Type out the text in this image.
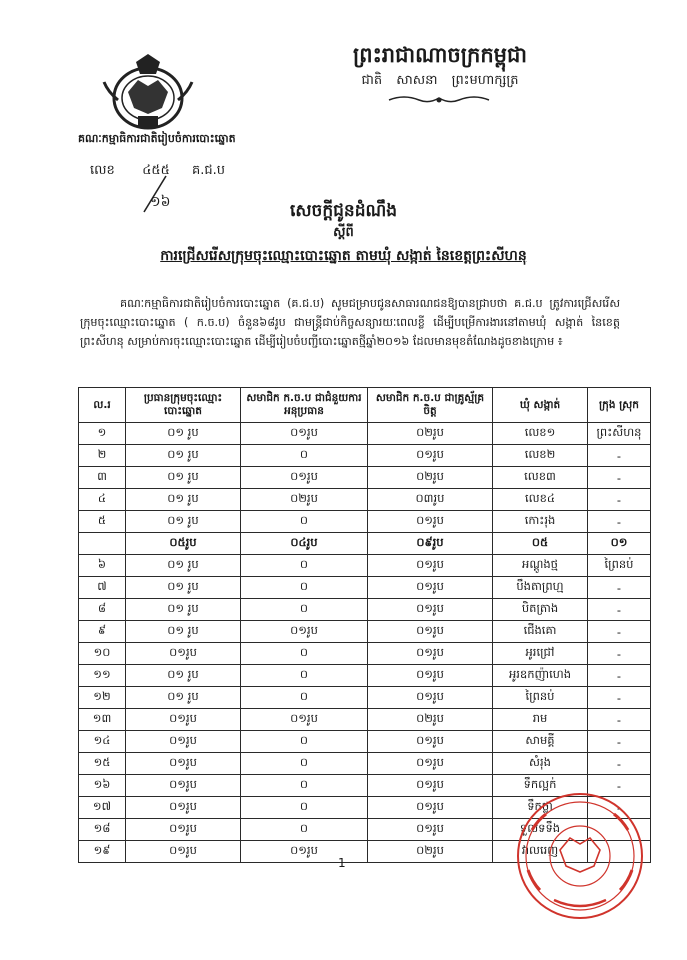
គណៈកម្មាធិការជាតិរៀបចំការបោះឆ្នោត
លេខ ៤៥៥ គ.ជ.ប
១៦
ព្រះរាជាណាចក្រកម្ពុជា
ជាតិ សាសនា ព្រះមហាក្សត្រ
សេចក្តីជូនដំណឹង
ស្តីពី
ការជ្រើសរើសក្រុមចុះឈ្មោះបោះឆ្នោត តាមឃុំ សង្កាត់ នៃខេត្តព្រះសីហនុ
គណៈកម្មាធិការជាតិរៀបចំការបោះឆ្នោត (គ.ជ.ប) សូមជម្រាបជូនសាធារណជនឱ្យបានជ្រាបថា គ.ជ.ប ត្រូវការជ្រើសរើសក្រុមចុះឈ្មោះបោះឆ្នោត ( ក.ច.ប) ចំនួន៦៨រូប ជាមន្ត្រីជាប់កិច្ចសន្យារយៈពេលខ្លី ដើម្បីបម្រើការងារនៅតាមឃុំ សង្កាត់ នៃខេត្តព្រះសីហនុ សម្រាប់ការចុះឈ្មោះបោះឆ្នោត ដើម្បីរៀបចំបញ្ជីបោះឆ្នោតថ្មីឆ្នាំ២០១៦ ដែលមានមុខតំណែងដូចខាងក្រោម ៖
ល.រ	ប្រធានក្រុមចុះឈ្មោះបោះឆ្នោត	សមាជិក ក.ច.ប ជាជំនួយការអនុប្រធាន	សមាជិក ក.ច.ប ជាគ្រូស្ម័គ្រចិត្ត	ឃុំ សង្កាត់	ក្រុង ស្រុក
១	០១ រូប	០១រូប	០២រូប	លេខ១	ព្រះសីហនុ
២	០១ រូប	០	០១រូប	លេខ២	-
៣	០១ រូប	០១រូប	០២រូប	លេខ៣	-
៤	០១ រូប	០២រូប	០៣រូប	លេខ៤	-
៥	០១ រូប	០	០១រូប	កោះរុង	-
	០៥រូប	០៤រូប	០៩រូប	០៥	០១
៦	០១ រូប	០	០១រូប	អណ្តូងថ្ម	ព្រៃនប់
៧	០១ រូប	០	០១រូប	បឹងតាព្រហ្ម	-
៨	០១ រូប	០	០១រូប	បិតត្រាង	-
៩	០១ រូប	០១រូប	០១រូប	ជើងគោ	-
១០	០១រូប	០	០១រូប	អូរជ្រៅ	-
១១	០១ រូប	០	០១រូប	អូរឧកញ៉ាហេង	-
១២	០១ រូប	០	០១រូប	ព្រៃនប់	-
១៣	០១រូប	០១រូប	០២រូប	រាម	-
១៤	០១រូប	០	០១រូប	សាមគ្គី	-
១៥	០១រូប	០	០១រូប	សំរុង	-
១៦	០១រូប	០	០១រូប	ទឹកល្អក់	-
១៧	០១រូប	០	០១រូប	ទឹកថ្លា	-
១៨	០១រូប	០	០១រូប	ទួលទទឹង	
១៩	០១រូប	០១រូប	០២រូប	វាលរេញ	
1
